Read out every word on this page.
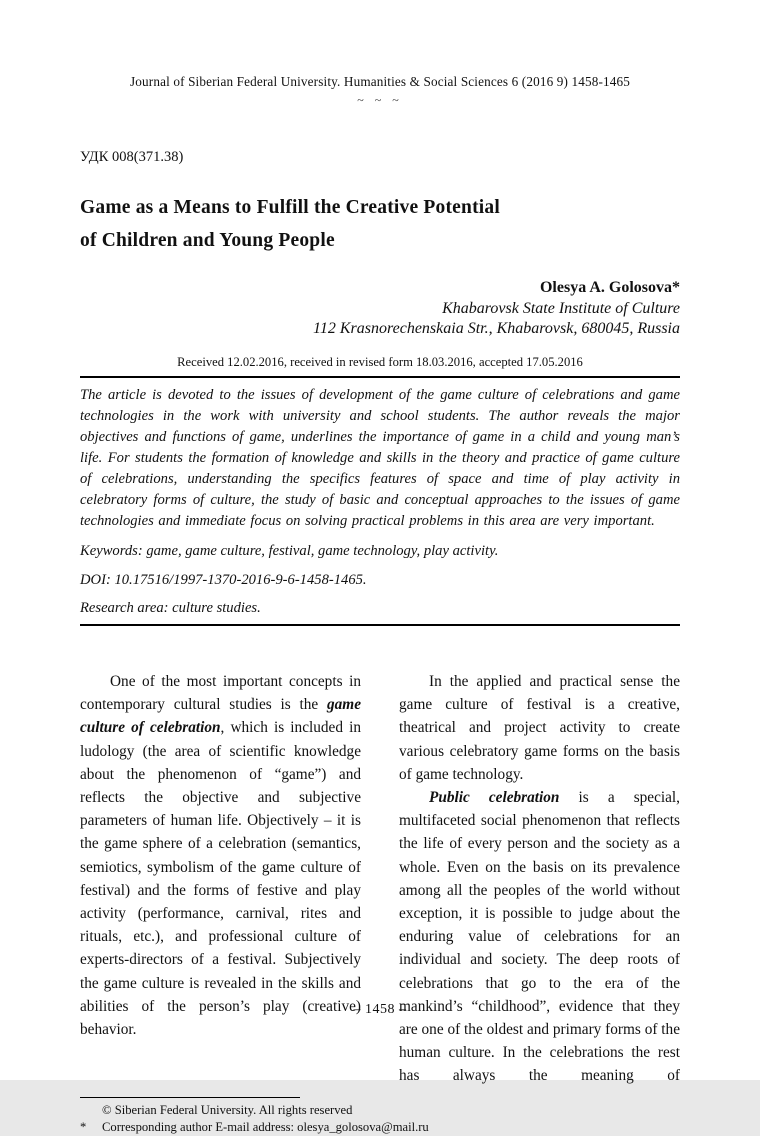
Journal of Siberian Federal University. Humanities & Social Sciences 6 (2016 9) 1458-1465
~ ~ ~
УДК 008(371.38)
Game as a Means to Fulfill the Creative Potential
of Children and Young People
Olesya A. Golosova*
Khabarovsk State Institute of Culture
112 Krasnorechenskaia Str., Khabarovsk, 680045, Russia
Received 12.02.2016, received in revised form 18.03.2016, accepted 17.05.2016

The article is devoted to the issues of development of the game culture of celebrations and game technologies in the work with university and school students. The author reveals the major objectives and functions of game, underlines the importance of game in a child and young man’s life. For students the formation of knowledge and skills in the theory and practice of game culture of celebrations, understanding the specifics features of space and time of play activity in celebratory forms of culture, the study of basic and conceptual approaches to the issues of game technologies and immediate focus on solving practical problems in this area are very important.

Keywords: game, game culture, festival, game technology, play activity.

DOI: 10.17516/1997-1370-2016-9-6-1458-1465.

Research area: culture studies.

One of the most important concepts in contemporary cultural studies is the game culture of celebration, which is included in ludology (the area of scientific knowledge about the phenomenon of “game”) and reflects the objective and subjective parameters of human life. Objectively – it is the game sphere of a celebration (semantics, semiotics, symbolism of the game culture of festival) and the forms of festive and play activity (performance, carnival, rites and rituals, etc.), and professional culture of experts-directors of a festival. Subjectively the game culture is revealed in the skills and abilities of the person’s play (creative) behavior.

In the applied and practical sense the game culture of festival is a creative, theatrical and project activity to create various celebratory game forms on the basis of game technology.

Public celebration is a special, multifaceted social phenomenon that reflects the life of every person and the society as a whole. Even on the basis on its prevalence among all the peoples of the world without exception, it is possible to judge about the enduring value of celebrations for an individual and society. The deep roots of celebrations that go to the era of the mankind’s “childhood”, evidence that they are one of the oldest and primary forms of the human culture. In the celebrations the rest has always the meaning of

© Siberian Federal University. All rights reserved
*	Corresponding author E-mail address: olesya_golosova@mail.ru
– 1458 –
